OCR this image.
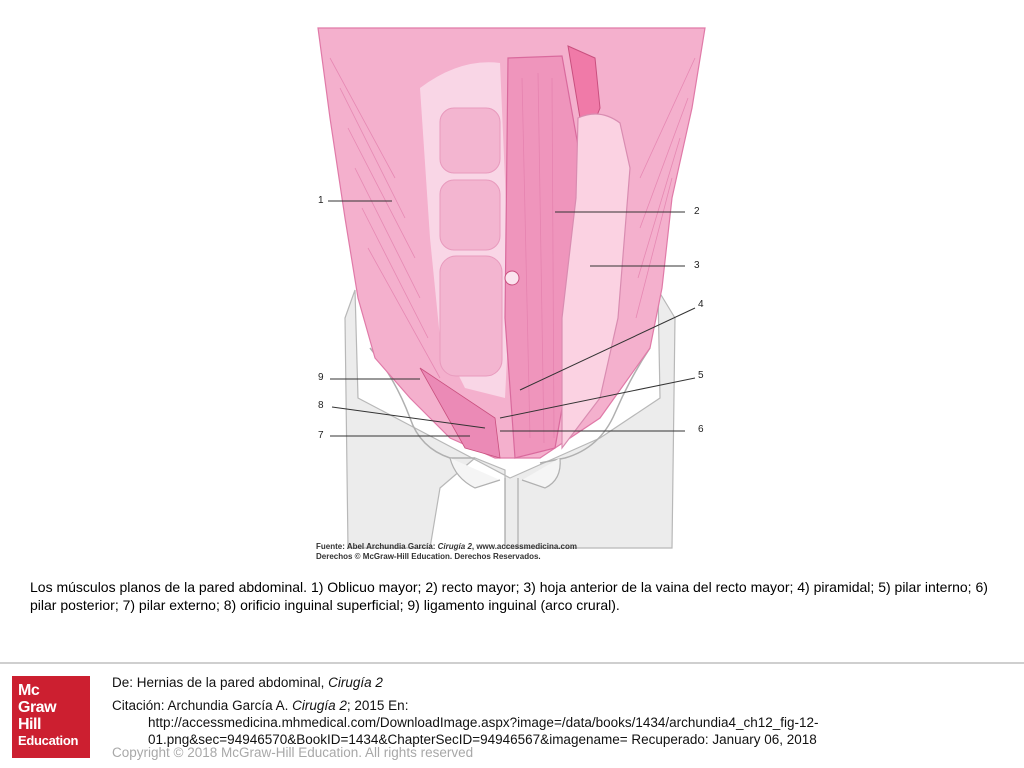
1
2
3
4
5
6
7
8
9
Fuente: Abel Archundia García: Cirugía 2, www.accessmedicina.com
Derechos © McGraw-Hill Education. Derechos Reservados.
Los músculos planos de la pared abdominal. 1) Oblicuo mayor; 2) recto mayor; 3) hoja anterior de la vaina del recto mayor; 4) piramidal; 5) pilar interno; 6) pilar posterior; 7) pilar externo; 8) orificio inguinal superficial; 9) ligamento inguinal (arco crural).
Mc
Graw
Hill
Education
De: Hernias de la pared abdominal, Cirugía 2
Citación: Archundia García A. Cirugía 2; 2015 En:
http://accessmedicina.mhmedical.com/DownloadImage.aspx?image=/data/books/1434/archundia4_ch12_fig-12-
01.png&sec=94946570&BookID=1434&ChapterSecID=94946567&imagename= Recuperado: January 06, 2018
Copyright © 2018 McGraw-Hill Education. All rights reserved
